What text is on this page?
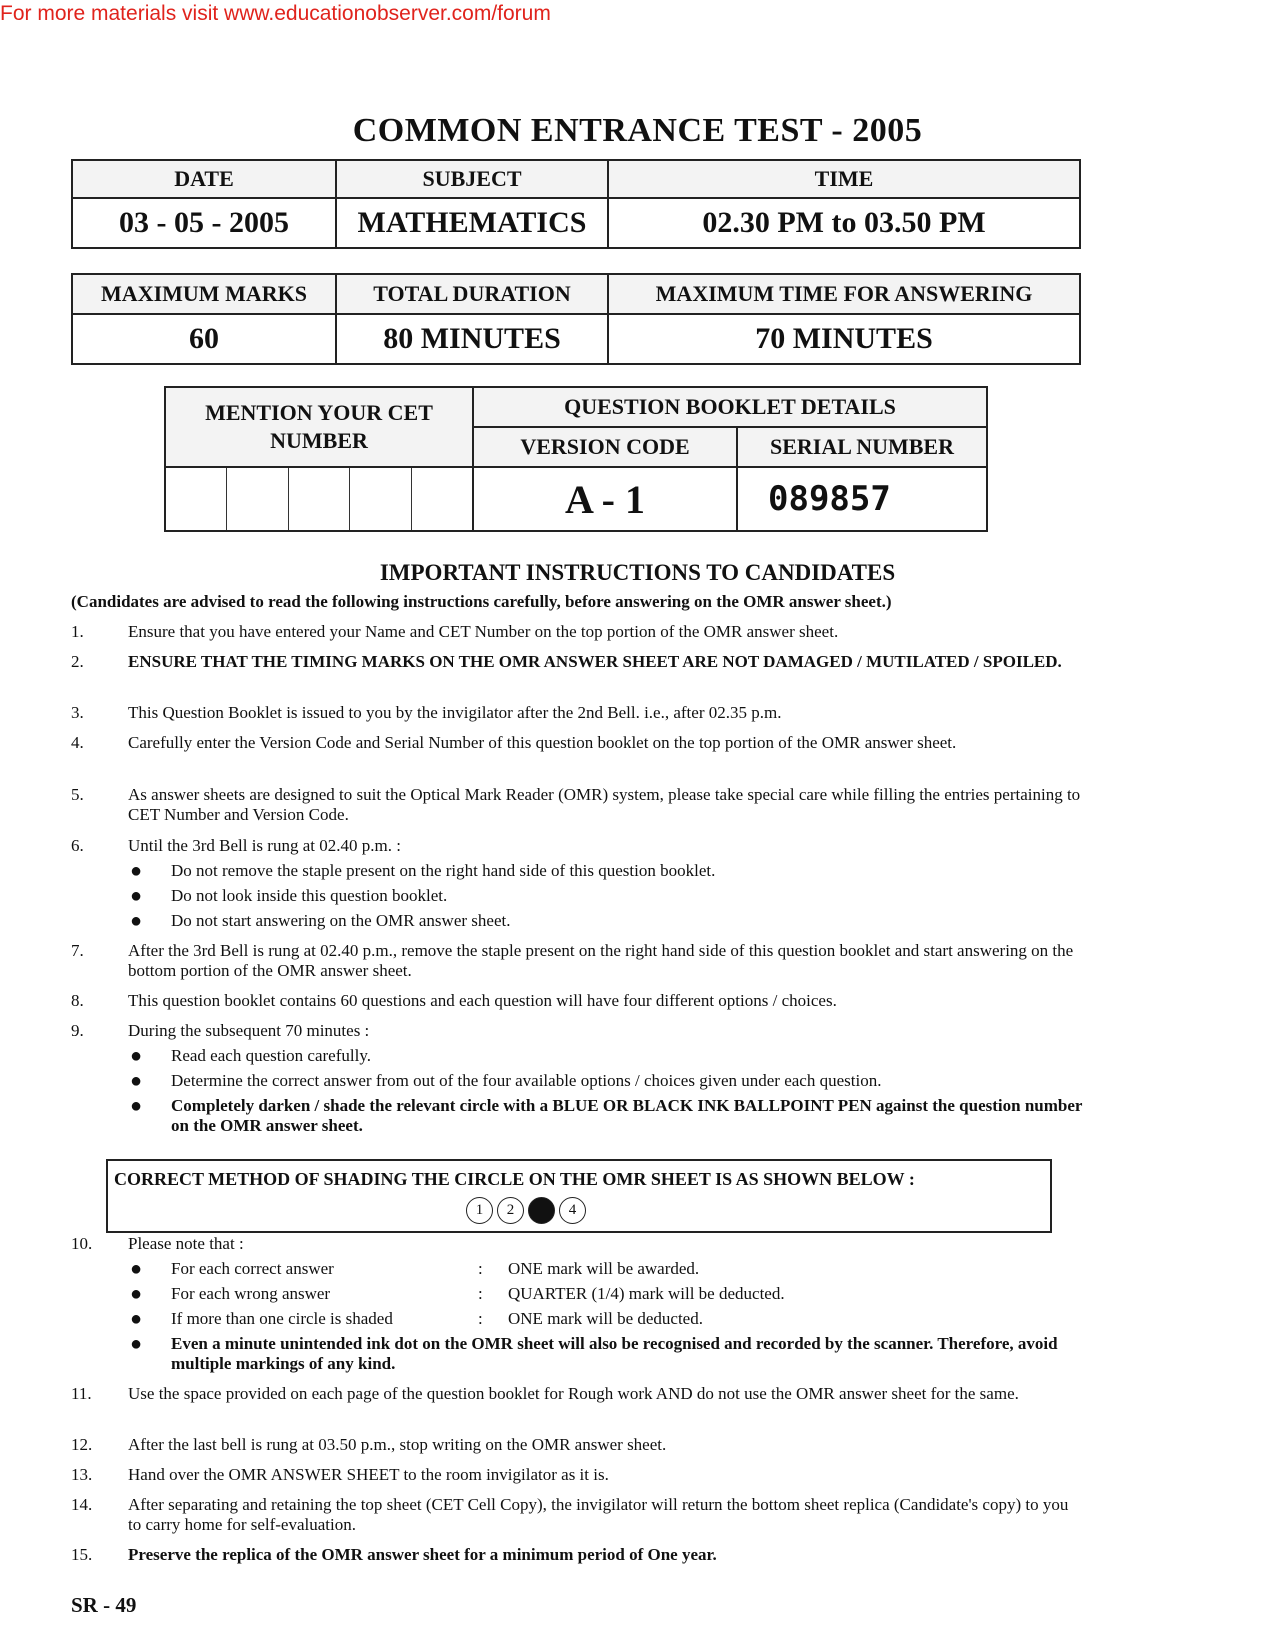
For more materials visit www.educationobserver.com/forum
COMMON ENTRANCE TEST - 2005
DATE	SUBJECT	TIME
03 - 05 - 2005	MATHEMATICS	02.30 PM to 03.50 PM
MAXIMUM MARKS	TOTAL DURATION	MAXIMUM TIME FOR ANSWERING
60	80 MINUTES	70 MINUTES
MENTION YOUR CET NUMBER	QUESTION BOOKLET DETAILS	
	VERSION CODE	SERIAL NUMBER

	A - 1	089857
IMPORTANT INSTRUCTIONS TO CANDIDATES
(Candidates are advised to read the following instructions carefully, before answering on the OMR answer sheet.)
1.	Ensure that you have entered your Name and CET Number on the top portion of the OMR answer sheet.
2.	ENSURE THAT THE TIMING MARKS ON THE OMR ANSWER SHEET ARE NOT DAMAGED / MUTILATED / SPOILED.
3.	This Question Booklet is issued to you by the invigilator after the 2nd Bell. i.e., after 02.35 p.m.
4.	Carefully enter the Version Code and Serial Number of this question booklet on the top portion of the OMR answer sheet.
5.	As answer sheets are designed to suit the Optical Mark Reader (OMR) system, please take special care while filling the entries pertaining to CET Number and Version Code.
6.	Until the 3rd Bell is rung at 02.40 p.m. :
● Do not remove the staple present on the right hand side of this question booklet.
● Do not look inside this question booklet.
● Do not start answering on the OMR answer sheet.
7.	After the 3rd Bell is rung at 02.40 p.m., remove the staple present on the right hand side of this question booklet and start answering on the bottom portion of the OMR answer sheet.
8.	This question booklet contains 60 questions and each question will have four different options / choices.
9.	During the subsequent 70 minutes :
● Read each question carefully.
● Determine the correct answer from out of the four available options / choices given under each question.
● Completely darken / shade the relevant circle with a BLUE OR BLACK INK BALLPOINT PEN against the question number on the OMR answer sheet.
CORRECT METHOD OF SHADING THE CIRCLE ON THE OMR SHEET IS AS SHOWN BELOW :
1	2	4
10.	Please note that :
● For each correct answer	: ONE mark will be awarded.
● For each wrong answer	: QUARTER (1/4) mark will be deducted.
● If more than one circle is shaded	: ONE mark will be deducted.
● Even a minute unintended ink dot on the OMR sheet will also be recognised and recorded by the scanner. Therefore, avoid multiple markings of any kind.
11.	Use the space provided on each page of the question booklet for Rough work AND do not use the OMR answer sheet for the same.
12.	After the last bell is rung at 03.50 p.m., stop writing on the OMR answer sheet.
13.	Hand over the OMR ANSWER SHEET to the room invigilator as it is.
14.	After separating and retaining the top sheet (CET Cell Copy), the invigilator will return the bottom sheet replica (Candidate's copy) to you to carry home for self-evaluation.
15.	Preserve the replica of the OMR answer sheet for a minimum period of One year.
SR - 49
